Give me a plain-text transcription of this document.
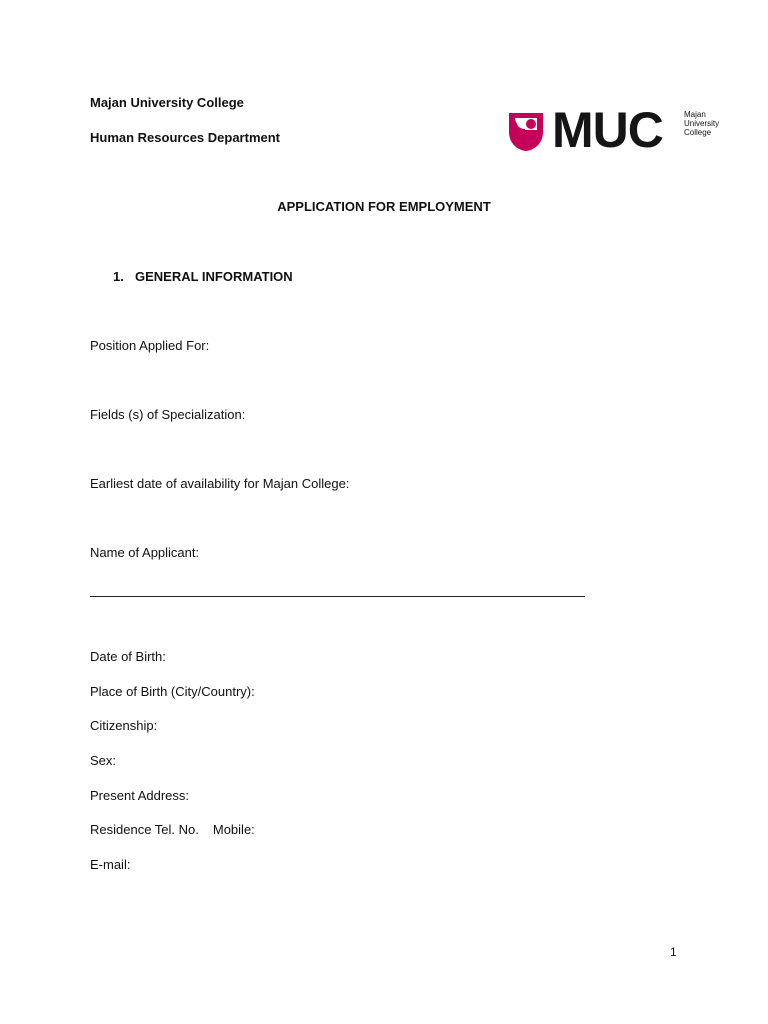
Majan University College
Human Resources Department	MUC	Majan
University
College
APPLICATION FOR EMPLOYMENT
1. GENERAL INFORMATION
Position Applied For:
Fields (s) of Specialization:
Earliest date of availability for Majan College:
Name of Applicant:
Date of Birth:
Place of Birth (City/Country):
Citizenship:
Sex:
Present Address:
Residence Tel. No. Mobile:
E-mail:
1
